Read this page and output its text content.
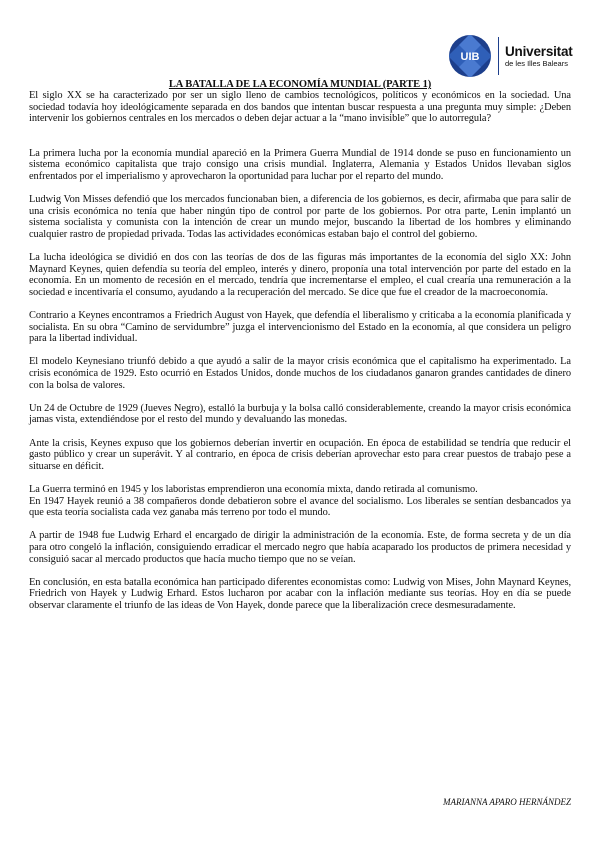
UIB Universitat
de les Illes Balears
LA BATALLA DE LA ECONOMÍA MUNDIAL (PARTE 1)

El siglo XX se ha caracterizado por ser un siglo lleno de cambios tecnológicos, políticos y económicos en la sociedad. Una sociedad todavía hoy ideológicamente separada en dos bandos que intentan buscar respuesta a una pregunta muy simple: ¿Deben intervenir los gobiernos centrales en los mercados o deben dejar actuar a la “mano invisible” que lo autorregula?

La primera lucha por la economía mundial apareció en la Primera Guerra Mundial de 1914 donde se puso en funcionamiento un sistema económico capitalista que trajo consigo una crisis mundial. Inglaterra, Alemania y Estados Unidos llevaban siglos enfrentados por el imperialismo y aprovecharon la oportunidad para luchar por el reparto del mundo.

Ludwig Von Misses defendió que los mercados funcionaban bien, a diferencia de los gobiernos, es decir, afirmaba que para salir de una crisis económica no tenía que haber ningún tipo de control por parte de los gobiernos. Por otra parte, Lenin implantó un sistema socialista y comunista con la intención de crear un mundo mejor, buscando la libertad de los hombres y eliminando cualquier rastro de propiedad privada. Todas las actividades económicas estaban bajo el control del gobierno.

La lucha ideológica se dividió en dos con las teorías de dos de las figuras más importantes de la economía del siglo XX: John Maynard Keynes, quien defendía su teoría del empleo, interés y dinero, proponía una total intervención por parte del estado en la economía. En un momento de recesión en el mercado, tendría que incrementarse el empleo, el cual crearía una remuneración a la sociedad e incentivaría el consumo, ayudando a la recuperación del mercado. Se dice que fue el creador de la macroeconomía.

Contrario a Keynes encontramos a Friedrich August von Hayek, que defendía el liberalismo y criticaba a la economía planificada y socialista. En su obra “Camino de servidumbre” juzga el intervencionismo del Estado en la economía, al que considera un peligro para la libertad individual.

El modelo Keynesiano triunfó debido a que ayudó a salir de la mayor crisis económica que el capitalismo ha experimentado. La crisis económica de 1929. Esto ocurrió en Estados Unidos, donde muchos de los ciudadanos ganaron grandes cantidades de dinero con la bolsa de valores.

Un 24 de Octubre de 1929 (Jueves Negro), estalló la burbuja y la bolsa calló considerablemente, creando la mayor crisis económica jamas vista, extendiéndose por el resto del mundo y devaluando las monedas.

Ante la crisis, Keynes expuso que los gobiernos deberían invertir en ocupación. En época de estabilidad se tendría que reducir el gasto público y crear un superávit. Y al contrario, en época de crisis deberían aprovechar esto para crear puestos de trabajo pese a situarse en déficit.

La Guerra terminó en 1945 y los laboristas emprendieron una economía mixta, dando retirada al comunismo.

En 1947 Hayek reunió a 38 compañeros donde debatieron sobre el avance del socialismo. Los liberales se sentían desbancados ya que esta teoría socialista cada vez ganaba más terreno por todo el mundo.

A partir de 1948 fue Ludwig Erhard el encargado de dirigir la administración de la economía. Este, de forma secreta y de un día para otro congeló la inflación, consiguiendo erradicar el mercado negro que había acaparado los productos de primera necesidad y consiguió sacar al mercado productos que hacía mucho tiempo que no se veían.

En conclusión, en esta batalla económica han participado diferentes economistas como: Ludwig von Mises, John Maynard Keynes, Friedrich von Hayek y Ludwig Erhard. Estos lucharon por acabar con la inflación mediante sus teorías. Hoy en día se puede observar claramente el triunfo de las ideas de Von Hayek, donde parece que la liberalización crece desmesuradamente.

MARIANNA APARO HERNÁNDEZ
